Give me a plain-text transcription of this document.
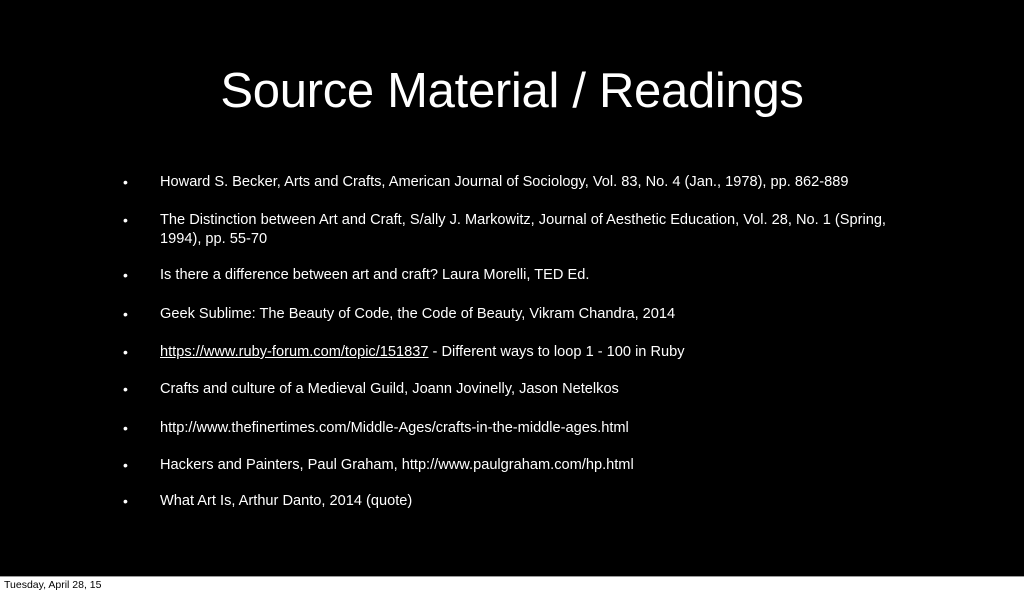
Source Material / Readings
• Howard S. Becker, Arts and Crafts, American Journal of Sociology, Vol. 83, No. 4 (Jan., 1978), pp. 862-889
• The Distinction between Art and Craft, S/ally J. Markowitz, Journal of Aesthetic Education, Vol. 28, No. 1 (Spring, 1994), pp. 55-70
• Is there a difference between art and craft? Laura Morelli, TED Ed.
• Geek Sublime: The Beauty of Code, the Code of Beauty, Vikram Chandra, 2014
• https://www.ruby-forum.com/topic/151837 - Different ways to loop 1 - 100 in Ruby
• Crafts and culture of a Medieval Guild, Joann Jovinelly, Jason Netelkos
• http://www.thefinertimes.com/Middle-Ages/crafts-in-the-middle-ages.html
• Hackers and Painters, Paul Graham, http://www.paulgraham.com/hp.html
• What Art Is, Arthur Danto, 2014 (quote)
Tuesday, April 28, 15
